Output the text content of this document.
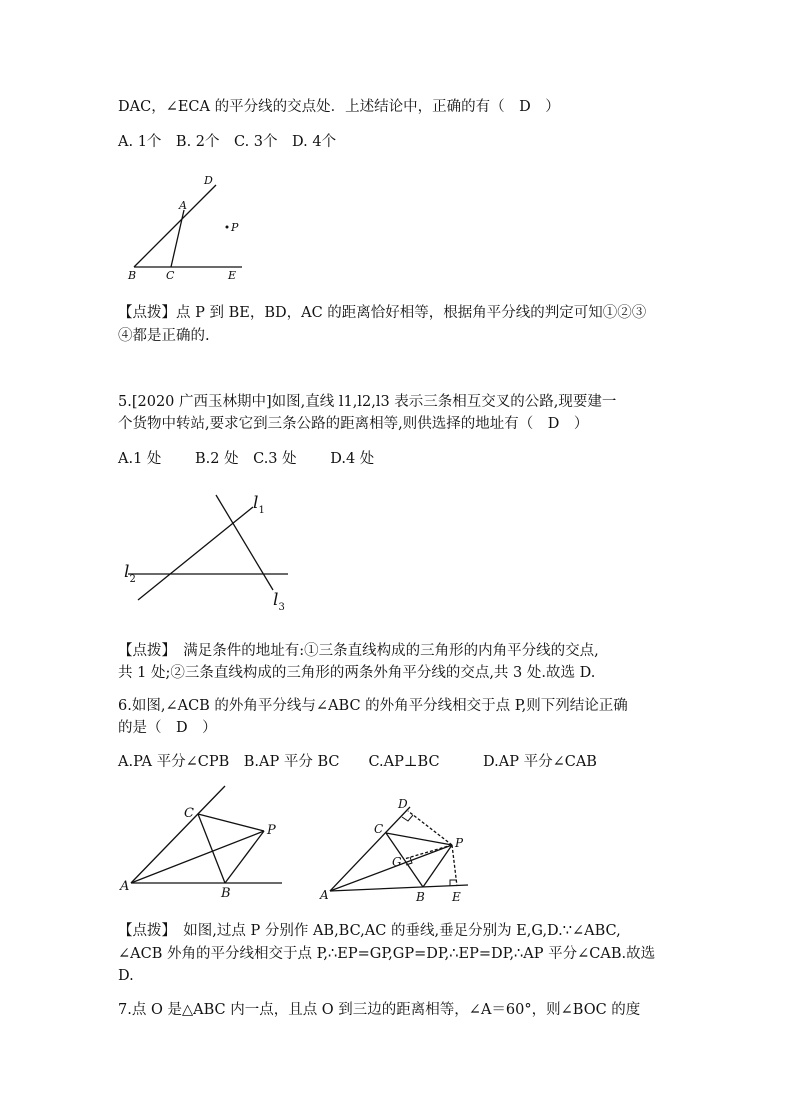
DAC，∠ECA 的平分线的交点处．上述结论中，正确的有（　D　）
A. 1个　B. 2个　C. 3个　D. 4个
D
A
P
B	C	E
【点拨】点 P 到 BE，BD，AC 的距离恰好相等，根据角平分线的判定可知①②③
④都是正确的.
5.[2020 广西玉林期中]如图,直线 l1,l2,l3 表示三条相互交叉的公路,现要建一
个货物中转站,要求它到三条公路的距离相等,则供选择的地址有（　D　）
A.1 处　　 B.2 处　C.3 处　　 D.4 处
$l_1$
$l_2$
$l_3$
【点拨】　满足条件的地址有:①三条直线构成的三角形的内角平分线的交点,
共 1 处;②三条直线构成的三角形的两条外角平分线的交点,共 3 处.故选 D.
6.如图,∠ACB 的外角平分线与∠ABC 的外角平分线相交于点 P,则下列结论正确
的是（　D　）
A.PA 平分∠CPB　B.AP 平分 BC　　C.AP⊥BC　　　D.AP 平分∠CAB
C
P
A	B
D
C
P
G
A	B E
【点拨】　如图,过点 P 分别作 AB,BC,AC 的垂线,垂足分别为 E,G,D.∵∠ABC,
∠ACB 外角的平分线相交于点 P,∴EP=GP,GP=DP,∴EP=DP,∴AP 平分∠CAB.故选
D.
7.点 O 是△ABC 内一点，且点 O 到三边的距离相等，∠A＝60°，则∠BOC 的度
